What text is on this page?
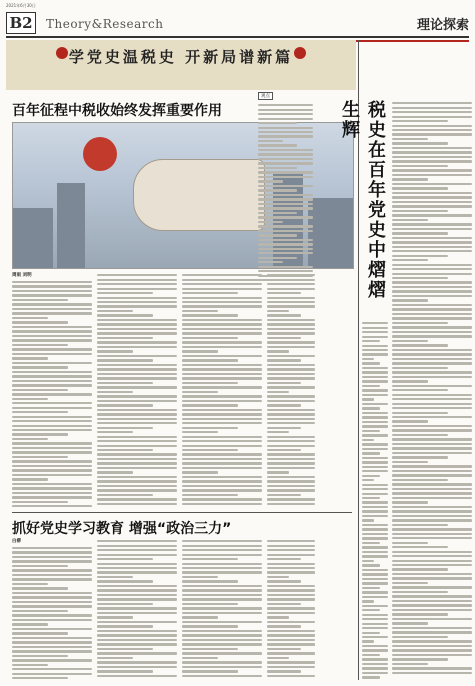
2021年6月30日
B2 Theory&Research	理论探索
学党史温税史 开新局谱新篇
百年征程中税收始终发挥重要作用
周雨 刘明
抓好党史学习教育 增强“政治三力”
白柳
观点
税史在百年党史中熠熠生辉
